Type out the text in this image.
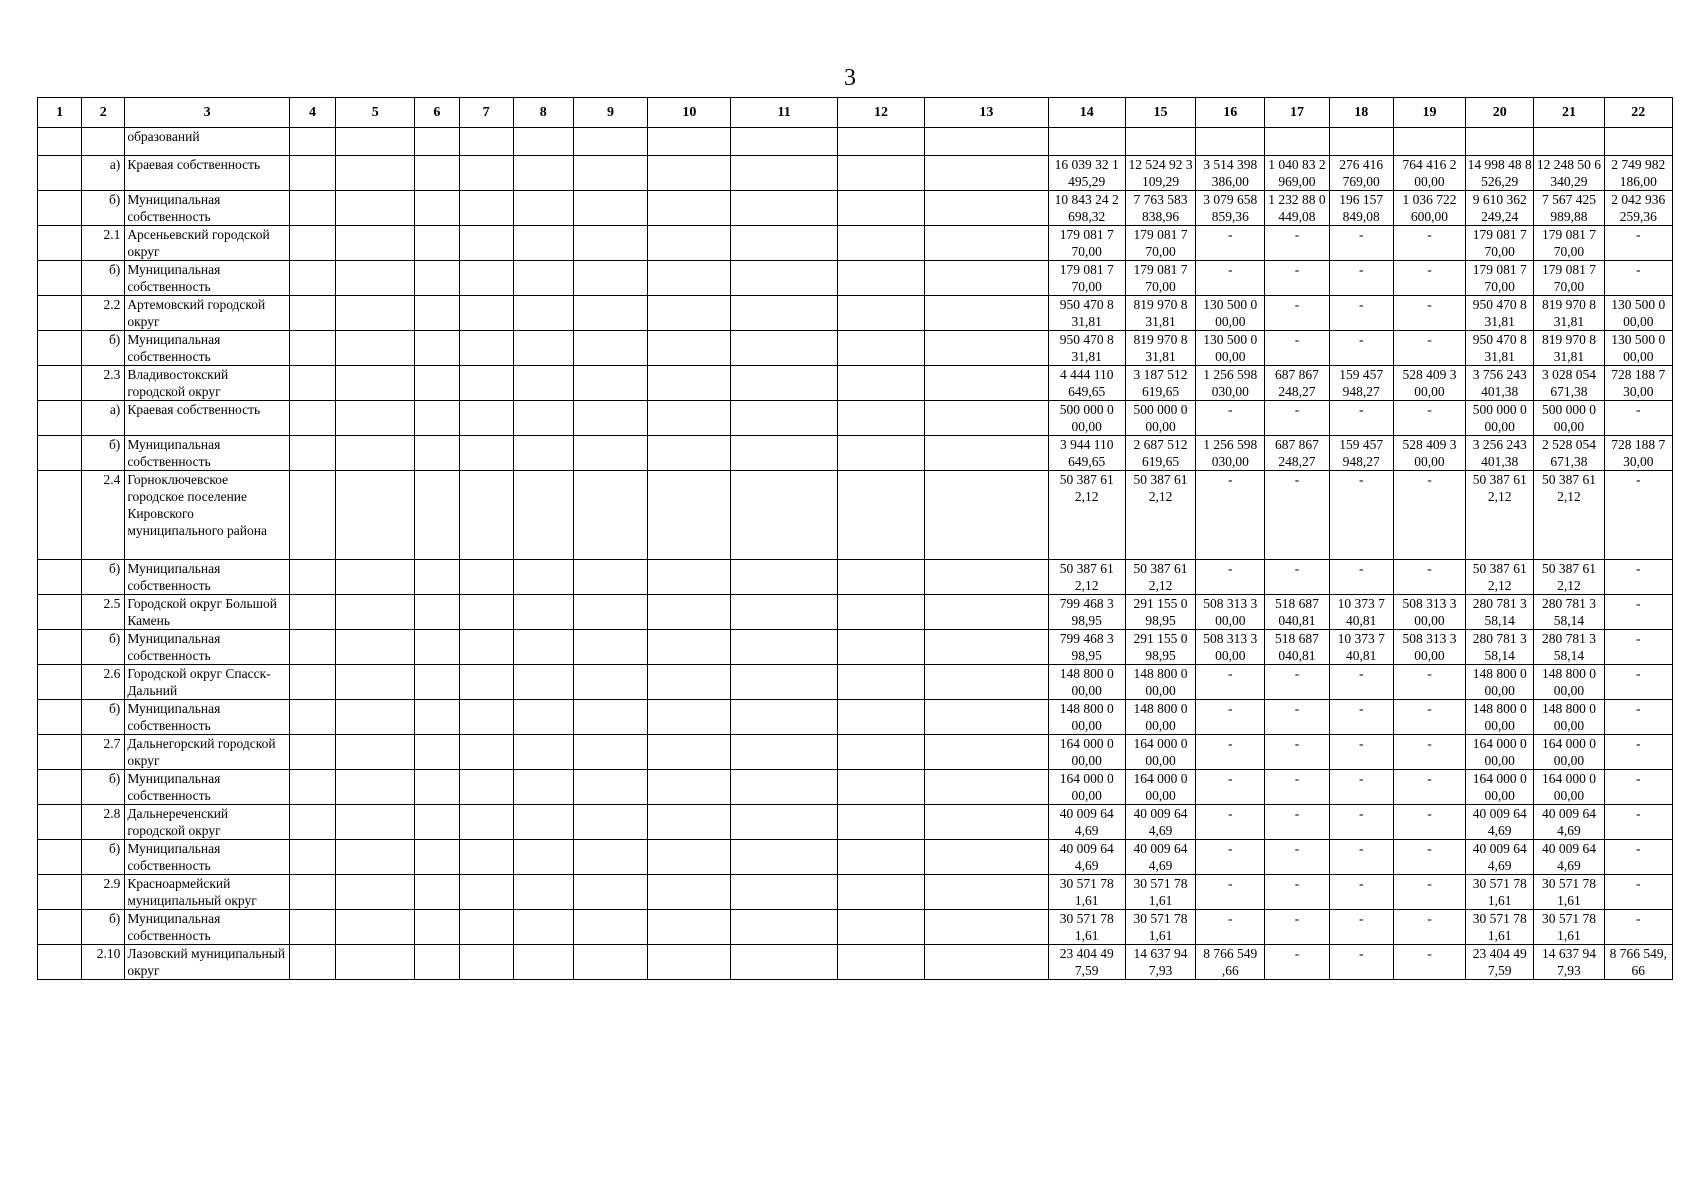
3
1	2	3	4	5	6	7	8	9	10	11	12	13	14	15	16	17	18	19	20	21	22
		образований																			
	а)	Краевая собственность											16 039 32 1 495,29	12 524 92 3 109,29	3 514 398 386,00	1 040 83 2 969,00	276 416 769,00	764 416 2 00,00	14 998 48 8 526,29	12 248 50 6 340,29	2 749 982 186,00
	б)	Муниципальная собственность											10 843 24 2 698,32	7 763 583 838,96	3 079 658 859,36	1 232 88 0 449,08	196 157 849,08	1 036 722 600,00	9 610 362 249,24	7 567 425 989,88	2 042 936 259,36
	2.1	Арсеньевский городской округ											179 081 7 70,00	179 081 7 70,00	-	-	-	-	179 081 7 70,00	179 081 7 70,00	-
	б)	Муниципальная собственность											179 081 7 70,00	179 081 7 70,00	-	-	-	-	179 081 7 70,00	179 081 7 70,00	-
	2.2	Артемовский городской округ											950 470 8 31,81	819 970 8 31,81	130 500 0 00,00	-	-	-	950 470 8 31,81	819 970 8 31,81	130 500 0 00,00
	б)	Муниципальная собственность											950 470 8 31,81	819 970 8 31,81	130 500 0 00,00	-	-	-	950 470 8 31,81	819 970 8 31,81	130 500 0 00,00
	2.3	Владивостокский городской округ											4 444 110 649,65	3 187 512 619,65	1 256 598 030,00	687 867 248,27	159 457 948,27	528 409 3 00,00	3 756 243 401,38	3 028 054 671,38	728 188 7 30,00
	а)	Краевая собственность											500 000 0 00,00	500 000 0 00,00	-	-	-	-	500 000 0 00,00	500 000 0 00,00	-
	б)	Муниципальная собственность											3 944 110 649,65	2 687 512 619,65	1 256 598 030,00	687 867 248,27	159 457 948,27	528 409 3 00,00	3 256 243 401,38	2 528 054 671,38	728 188 7 30,00
	2.4	Горноключевское городское поселение Кировского муниципального района											50 387 61 2,12	50 387 61 2,12	-	-	-	-	50 387 61 2,12	50 387 61 2,12	-
	б)	Муниципальная собственность											50 387 61 2,12	50 387 61 2,12	-	-	-	-	50 387 61 2,12	50 387 61 2,12	-
	2.5	Городской округ Большой Камень											799 468 3 98,95	291 155 0 98,95	508 313 3 00,00	518 687 040,81	10 373 7 40,81	508 313 3 00,00	280 781 3 58,14	280 781 3 58,14	-
	б)	Муниципальная собственность											799 468 3 98,95	291 155 0 98,95	508 313 3 00,00	518 687 040,81	10 373 7 40,81	508 313 3 00,00	280 781 3 58,14	280 781 3 58,14	-
	2.6	Городской округ Спасск-Дальний											148 800 0 00,00	148 800 0 00,00	-	-	-	-	148 800 0 00,00	148 800 0 00,00	-
	б)	Муниципальная собственность											148 800 0 00,00	148 800 0 00,00	-	-	-	-	148 800 0 00,00	148 800 0 00,00	-
	2.7	Дальнегорский городской округ											164 000 0 00,00	164 000 0 00,00	-	-	-	-	164 000 0 00,00	164 000 0 00,00	-
	б)	Муниципальная собственность											164 000 0 00,00	164 000 0 00,00	-	-	-	-	164 000 0 00,00	164 000 0 00,00	-
	2.8	Дальнереченский городской округ											40 009 64 4,69	40 009 64 4,69	-	-	-	-	40 009 64 4,69	40 009 64 4,69	-
	б)	Муниципальная собственность											40 009 64 4,69	40 009 64 4,69	-	-	-	-	40 009 64 4,69	40 009 64 4,69	-
	2.9	Красноармейский муниципальный округ											30 571 78 1,61	30 571 78 1,61	-	-	-	-	30 571 78 1,61	30 571 78 1,61	-
	б)	Муниципальная собственность											30 571 78 1,61	30 571 78 1,61	-	-	-	-	30 571 78 1,61	30 571 78 1,61	-
	2.10	Лазовский муниципальный округ											23 404 49 7,59	14 637 94 7,93	8 766 549 ,66	-	-	-	23 404 49 7,59	14 637 94 7,93	8 766 549, 66
